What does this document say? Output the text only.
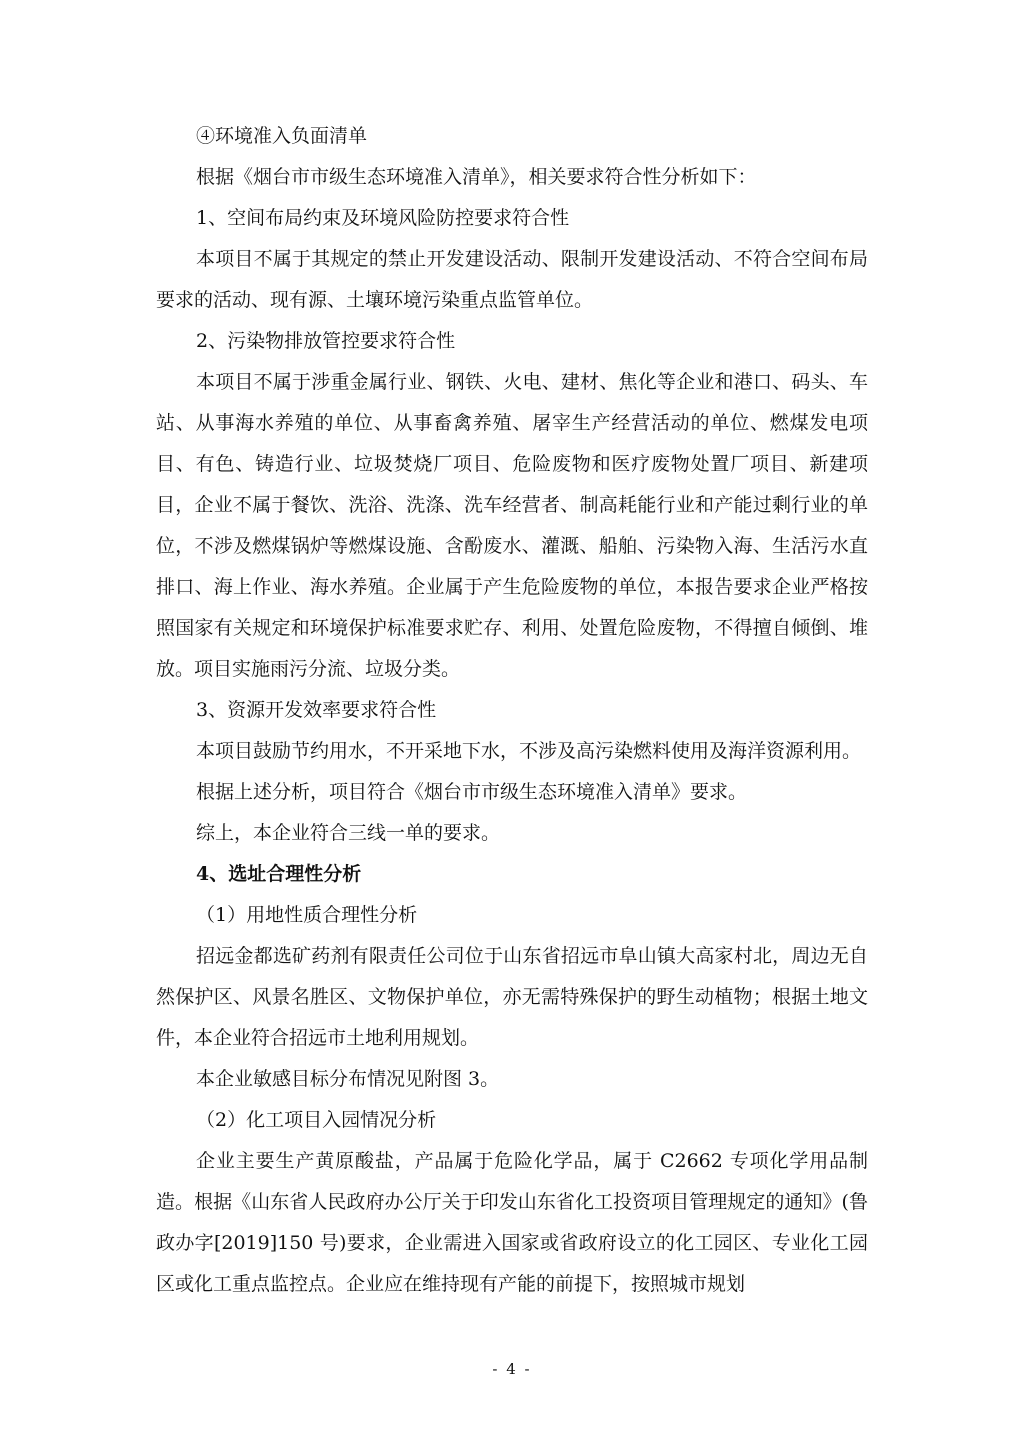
④环境准入负面清单

根据《烟台市市级生态环境准入清单》，相关要求符合性分析如下：

1、空间布局约束及环境风险防控要求符合性

本项目不属于其规定的禁止开发建设活动、限制开发建设活动、不符合空间布局要求的活动、现有源、土壤环境污染重点监管单位。

2、污染物排放管控要求符合性

本项目不属于涉重金属行业、钢铁、火电、建材、焦化等企业和港口、码头、车站、从事海水养殖的单位、从事畜禽养殖、屠宰生产经营活动的单位、燃煤发电项目、有色、铸造行业、垃圾焚烧厂项目、危险废物和医疗废物处置厂项目、新建项目，企业不属于餐饮、洗浴、洗涤、洗车经营者、制高耗能行业和产能过剩行业的单位，不涉及燃煤锅炉等燃煤设施、含酚废水、灌溉、船舶、污染物入海、生活污水直排口、海上作业、海水养殖。企业属于产生危险废物的单位，本报告要求企业严格按照国家有关规定和环境保护标准要求贮存、利用、处置危险废物，不得擅自倾倒、堆放。项目实施雨污分流、垃圾分类。

3、资源开发效率要求符合性

本项目鼓励节约用水，不开采地下水，不涉及高污染燃料使用及海洋资源利用。

根据上述分析，项目符合《烟台市市级生态环境准入清单》要求。

综上，本企业符合三线一单的要求。

4、选址合理性分析

（1）用地性质合理性分析

招远金都选矿药剂有限责任公司位于山东省招远市阜山镇大高家村北，周边无自然保护区、风景名胜区、文物保护单位，亦无需特殊保护的野生动植物；根据土地文件，本企业符合招远市土地利用规划。

本企业敏感目标分布情况见附图 3。

（2）化工项目入园情况分析

企业主要生产黄原酸盐，产品属于危险化学品，属于 C2662 专项化学用品制造。根据《山东省人民政府办公厅关于印发山东省化工投资项目管理规定的通知》(鲁政办字[2019]150 号)要求，企业需进入国家或省政府设立的化工园区、专业化工园区或化工重点监控点。企业应在维持现有产能的前提下，按照城市规划

- 4 -
